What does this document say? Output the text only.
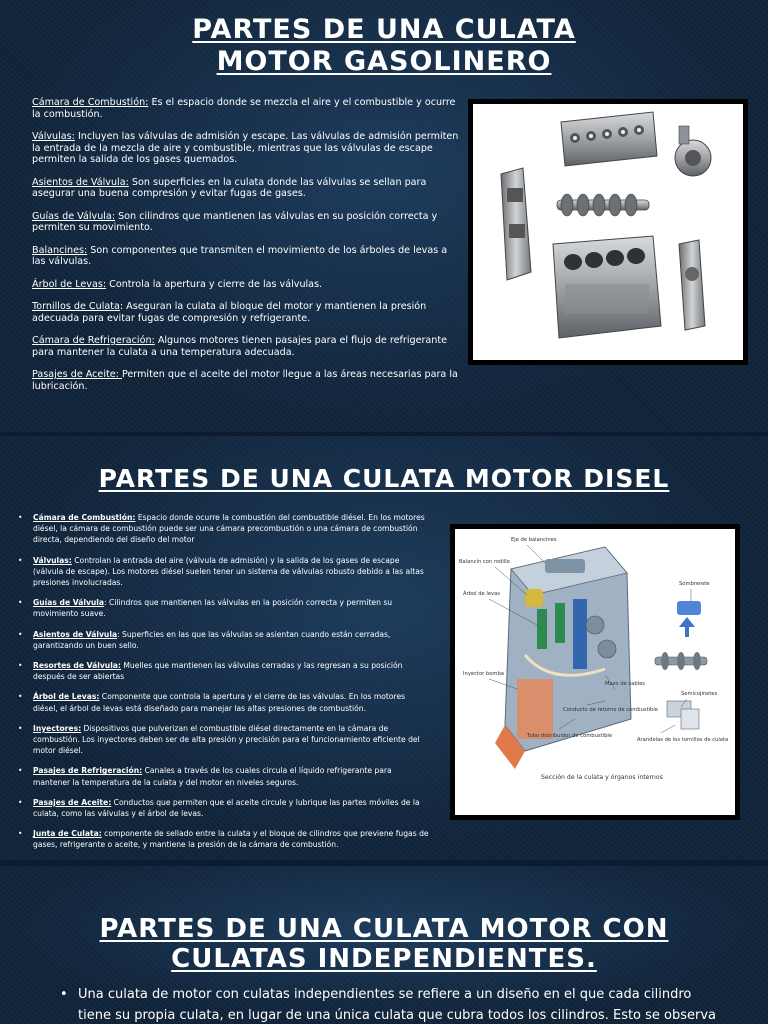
PARTES DE UNA CULATA
MOTOR GASOLINERO

Cámara de Combustión: Es el espacio donde se mezcla el aire y el combustible y ocurre la combustión.

Válvulas: Incluyen las válvulas de admisión y escape. Las válvulas de admisión permiten la entrada de la mezcla de aire y combustible, mientras que las válvulas de escape permiten la salida de los gases quemados.

Asientos de Válvula: Son superficies en la culata donde las válvulas se sellan para asegurar una buena compresión y evitar fugas de gases.

Guías de Válvula: Son cilindros que mantienen las válvulas en su posición correcta y permiten su movimiento.

Balancines: Son componentes que transmiten el movimiento de los árboles de levas a las válvulas.

Árbol de Levas: Controla la apertura y cierre de las válvulas.

Tornillos de Culata: Aseguran la culata al bloque del motor y mantienen la presión adecuada para evitar fugas de compresión y refrigerante.

Cámara de Refrigeración: Algunos motores tienen pasajes para el flujo de refrigerante para mantener la culata a una temperatura adecuada.

Pasajes de Aceite: Permiten que el aceite del motor llegue a las áreas necesarias para la lubricación.

PARTES DE UNA CULATA MOTOR DISEL
• Cámara de Combustión: Espacio donde ocurre la combustión del combustible diésel. En los motores diésel, la cámara de combustión puede ser una cámara precombustión o una cámara de combustión directa, dependiendo del diseño del motor
• Válvulas: Controlan la entrada del aire (válvula de admisión) y la salida de los gases de escape (válvula de escape). Los motores diésel suelen tener un sistema de válvulas robusto debido a las altas presiones involucradas.
• Guías de Válvula: Cilindros que mantienen las válvulas en la posición correcta y permiten su movimiento suave.
• Asientos de Válvula: Superficies en las que las válvulas se asientan cuando están cerradas, garantizando un buen sello.
• Resortes de Válvula: Muelles que mantienen las válvulas cerradas y las regresan a su posición después de ser abiertas
• Árbol de Levas: Componente que controla la apertura y el cierre de las válvulas. En los motores diésel, el árbol de levas está diseñado para manejar las altas presiones de combustión.
• Inyectores: Dispositivos que pulverizan el combustible diésel directamente en la cámara de combustión. Los inyectores deben ser de alta presión y precisión para el funcionamiento eficiente del motor diésel.
• Pasajes de Refrigeración: Canales a través de los cuales circula el líquido refrigerante para mantener la temperatura de la culata y del motor en niveles seguros.
• Pasajes de Aceite: Conductos que permiten que el aceite circule y lubrique las partes móviles de la culata, como las válvulas y el árbol de levas.
• Junta de Culata: componente de sellado entre la culata y el bloque de cilindros que previene fugas de gases, refrigerante o aceite, y mantiene la presión de la cámara de combustión.
Eje de balancines
Balancín con rodillo
Árbol de levas
Inyector bomba
Mazo de cables
Conducto de retorno de combustible
Tubo distribuidor de combustible
Arandelas de los tornillos de culata
Sombrerete
Semicojinetes
Sección de la culata y órganos internos
PARTES DE UNA CULATA MOTOR CON
CULATAS INDEPENDIENTES.
• Una culata de motor con culatas independientes se refiere a un diseño en el que cada cilindro tiene su propia culata, en lugar de una única culata que cubra todos los cilindros. Esto se observa
